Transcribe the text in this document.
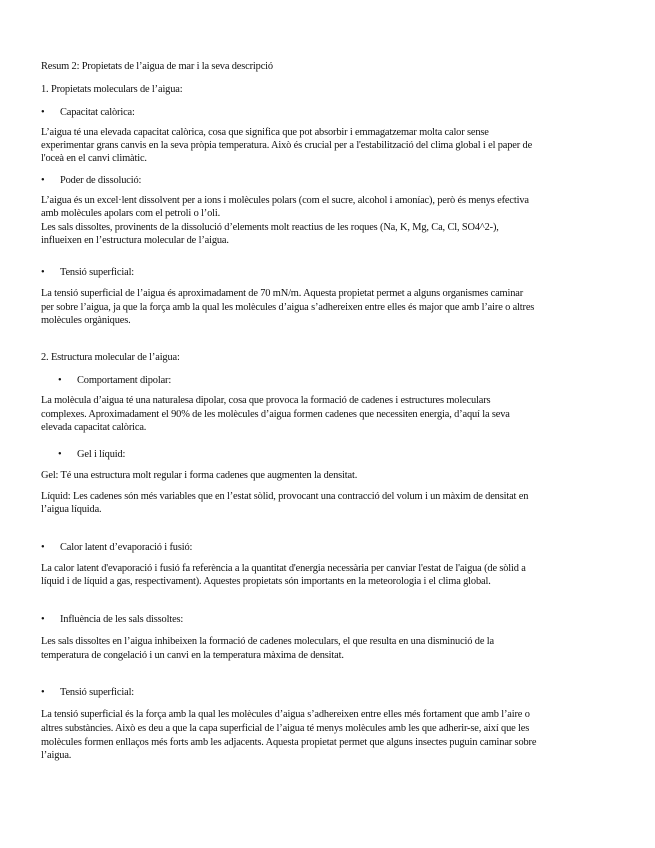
Resum 2: Propietats de l’aigua de mar i la seva descripció

1. Propietats moleculars de l’aigua:

• Capacitat calòrica:

L’aigua té una elevada capacitat calòrica, cosa que significa que pot absorbir i emmagatzemar molta calor sense

experimentar grans canvis en la seva pròpia temperatura. Això és crucial per a l'estabilització del clima global i el paper de

l'oceà en el canvi climàtic.

• Poder de dissolució:

L’aigua és un excel·lent dissolvent per a ions i molècules polars (com el sucre, alcohol i amoníac), però és menys efectiva

amb molècules apolars com el petroli o l’oli.

Les sals dissoltes, provinents de la dissolució d’elements molt reactius de les roques (Na, K, Mg, Ca, Cl, SO4^2-),

influeixen en l’estructura molecular de l’aigua.

• Tensió superficial:

La tensió superficial de l’aigua és aproximadament de 70 mN/m. Aquesta propietat permet a alguns organismes caminar

per sobre l’aigua, ja que la força amb la qual les molècules d’aigua s’adhereixen entre elles és major que amb l’aire o altres

molècules orgàniques.

2. Estructura molecular de l’aigua:

• Comportament dipolar:

La molècula d’aigua té una naturalesa dipolar, cosa que provoca la formació de cadenes i estructures moleculars

complexes. Aproximadament el 90% de les molècules d’aigua formen cadenes que necessiten energia, d’aquí la seva

elevada capacitat calòrica.

• Gel i líquid:

Gel: Té una estructura molt regular i forma cadenes que augmenten la densitat.

Líquid: Les cadenes són més variables que en l’estat sòlid, provocant una contracció del volum i un màxim de densitat en

l’aigua líquida.

• Calor latent d’evaporació i fusió:

La calor latent d'evaporació i fusió fa referència a la quantitat d'energia necessària per canviar l'estat de l'aigua (de sòlid a

líquid i de líquid a gas, respectivament). Aquestes propietats són importants en la meteorologia i el clima global.

• Influència de les sals dissoltes:

Les sals dissoltes en l’aigua inhibeixen la formació de cadenes moleculars, el que resulta en una disminució de la

temperatura de congelació i un canvi en la temperatura màxima de densitat.

• Tensió superficial:

La tensió superficial és la força amb la qual les molècules d’aigua s’adhereixen entre elles més fortament que amb l’aire o

altres substàncies. Això es deu a que la capa superficial de l’aigua té menys molècules amb les que adherir-se, així que les

molècules formen enllaços més forts amb les adjacents. Aquesta propietat permet que alguns insectes puguin caminar sobre

l’aigua.
